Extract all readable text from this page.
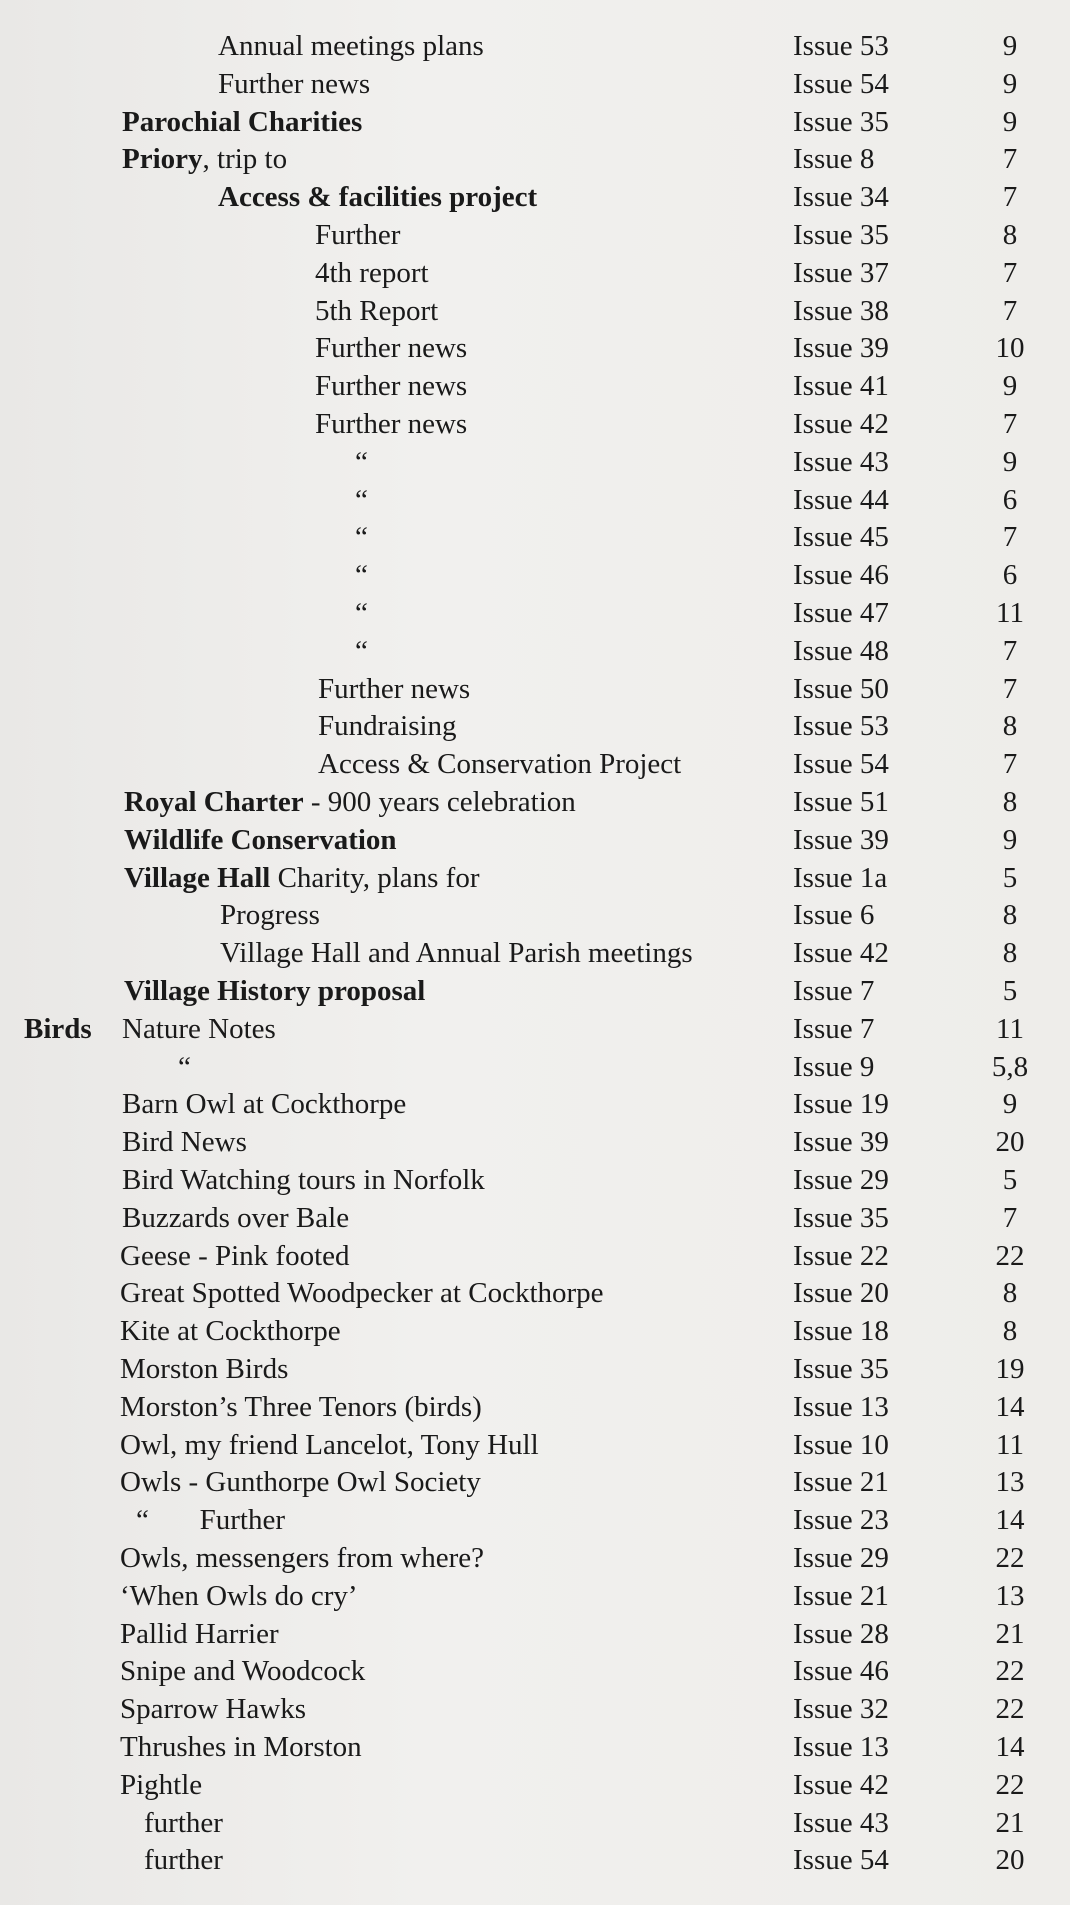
Annual meetings plans	Issue 53	9
Further news	Issue 54	9
Parochial Charities	Issue 35	9
Priory, trip to	Issue 8	7
Access & facilities project	Issue 34	7
Further	Issue 35	8
4th report	Issue 37	7
5th Report	Issue 38	7
Further news	Issue 39	10
Further news	Issue 41	9
Further news	Issue 42	7
“	Issue 43	9
“	Issue 44	6
“	Issue 45	7
“	Issue 46	6
“	Issue 47	11
“	Issue 48	7
Further news	Issue 50	7
Fundraising	Issue 53	8
Access & Conservation Project	Issue 54	7
Royal Charter - 900 years celebration	Issue 51	8
Wildlife Conservation	Issue 39	9
Village Hall Charity, plans for	Issue 1a	5
Progress	Issue 6	8
Village Hall and Annual Parish meetings	Issue 42	8
Village History proposal	Issue 7	5
Birds Nature Notes	Issue 7	11
“	Issue 9	5,8
Barn Owl at Cockthorpe	Issue 19	9
Bird News	Issue 39	20
Bird Watching tours in Norfolk	Issue 29	5
Buzzards over Bale	Issue 35	7
Geese - Pink footed	Issue 22	22
Great Spotted Woodpecker at Cockthorpe	Issue 20	8
Kite at Cockthorpe	Issue 18	8
Morston Birds	Issue 35	19
Morston’s Three Tenors (birds)	Issue 13	14
Owl, my friend Lancelot, Tony Hull	Issue 10	11
Owls - Gunthorpe Owl Society	Issue 21	13
“       Further	Issue 23	14
Owls, messengers from where?	Issue 29	22
‘When Owls do cry’	Issue 21	13
Pallid Harrier	Issue 28	21
Snipe and Woodcock	Issue 46	22
Sparrow Hawks	Issue 32	22
Thrushes in Morston	Issue 13	14
Pightle	Issue 42	22
further	Issue 43	21
further	Issue 54	20
